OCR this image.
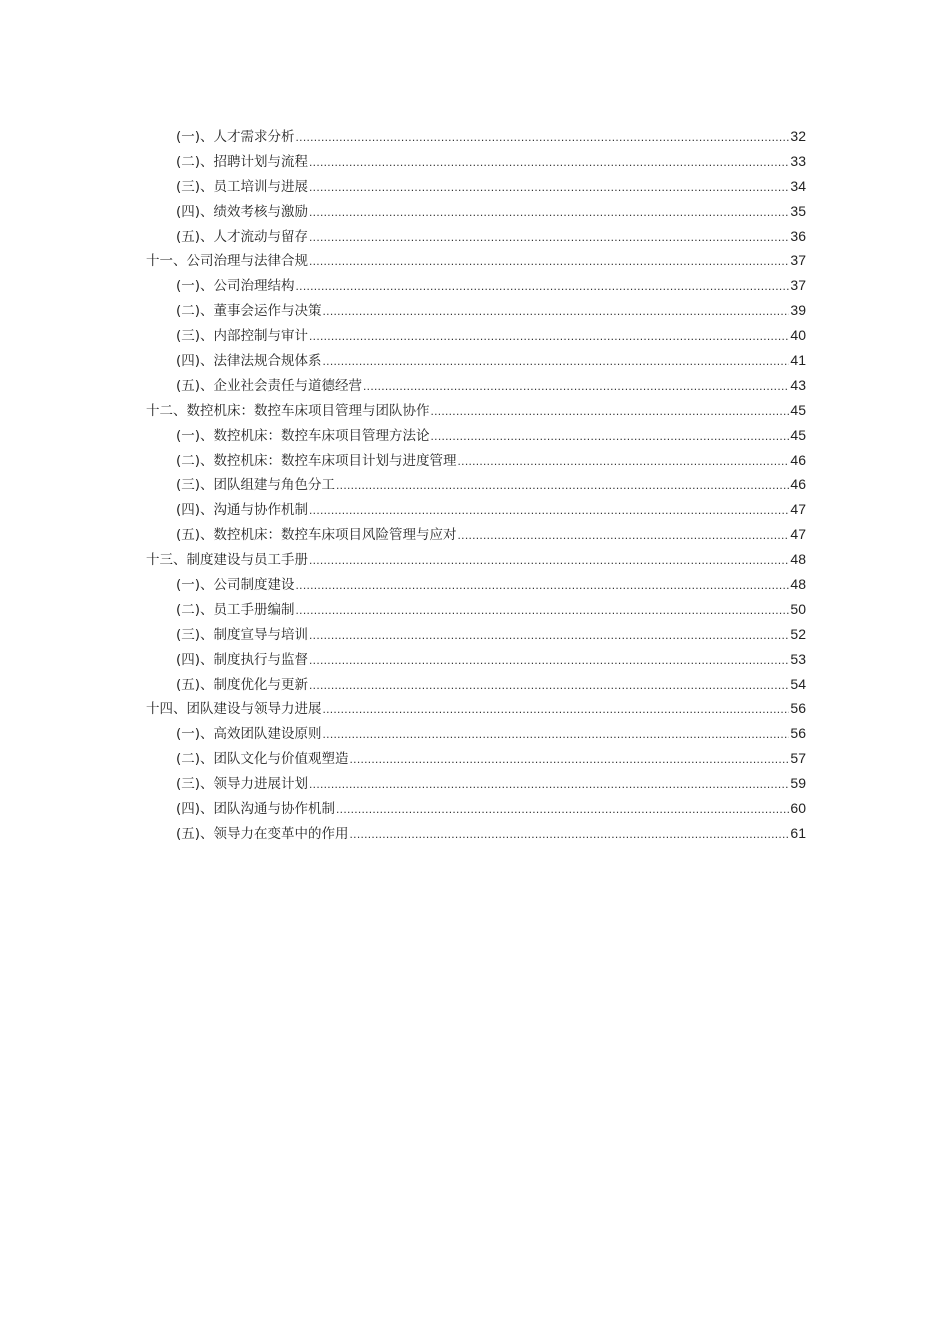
(一)、人才需求分析 .....	32
(二)、招聘计划与流程 .....	33
(三)、员工培训与进展 .....	34
(四)、绩效考核与激励 .....	35
(五)、人才流动与留存 .....	36
十一、公司治理与法律合规 .....	37
(一)、公司治理结构 .....	37
(二)、董事会运作与决策 .....	39
(三)、内部控制与审计 .....	40
(四)、法律法规合规体系 .....	41
(五)、企业社会责任与道德经营 .....	43
十二、数控机床：数控车床项目管理与团队协作 .....	45
(一)、数控机床：数控车床项目管理方法论 .....	45
(二)、数控机床：数控车床项目计划与进度管理 .....	46
(三)、团队组建与角色分工 .....	46
(四)、沟通与协作机制 .....	47
(五)、数控机床：数控车床项目风险管理与应对 .....	47
十三、制度建设与员工手册 .....	48
(一)、公司制度建设 .....	48
(二)、员工手册编制 .....	50
(三)、制度宣导与培训 .....	52
(四)、制度执行与监督 .....	53
(五)、制度优化与更新 .....	54
十四、团队建设与领导力进展 .....	56
(一)、高效团队建设原则 .....	56
(二)、团队文化与价值观塑造 .....	57
(三)、领导力进展计划 .....	59
(四)、团队沟通与协作机制 .....	60
(五)、领导力在变革中的作用 .....	61
